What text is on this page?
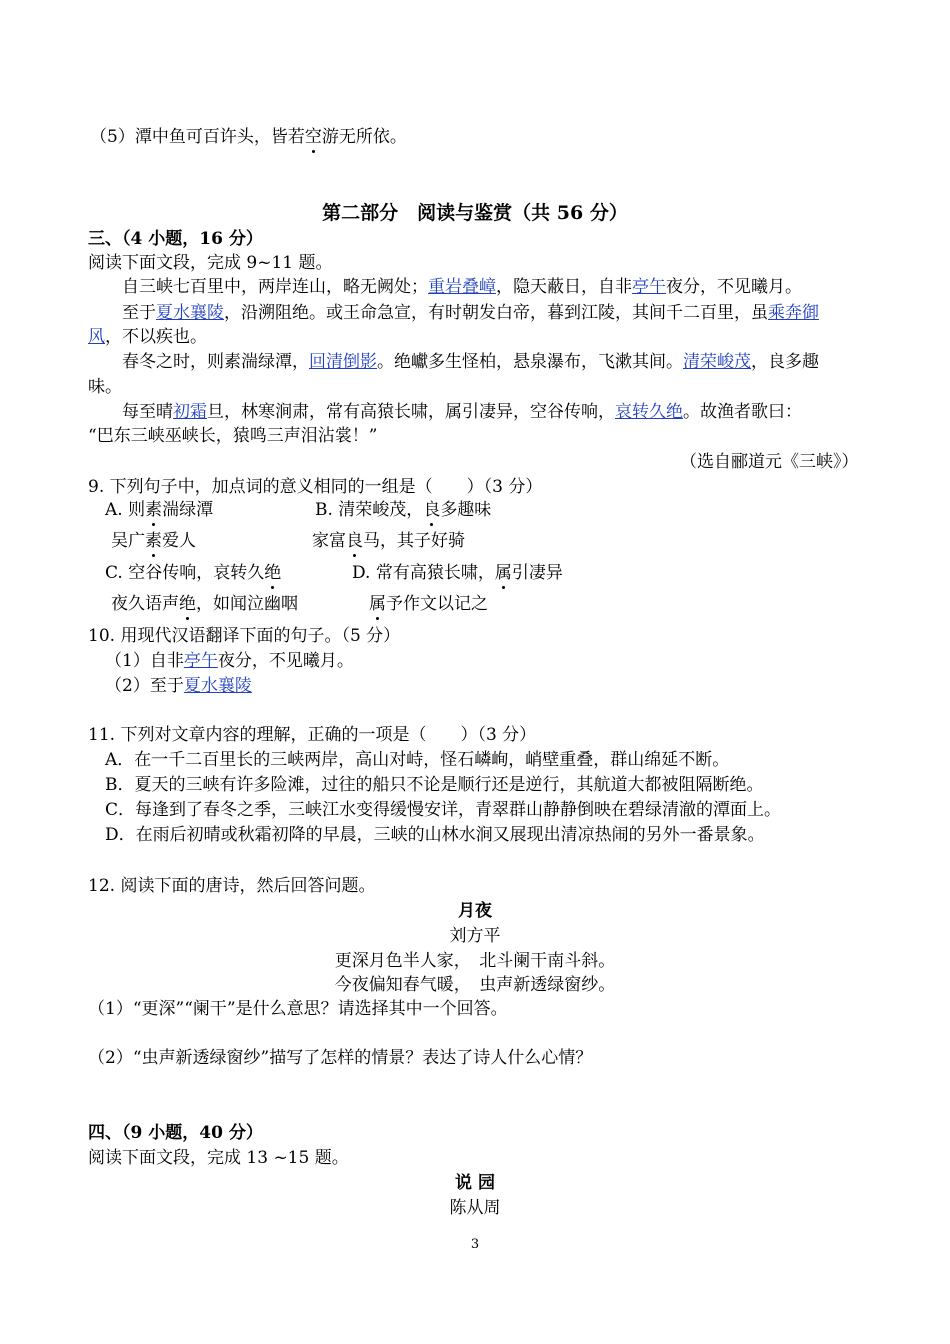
（5）潭中鱼可百许头，皆若空游无所依。
第二部分　阅读与鉴赏（共 56 分）
三、（4 小题，16 分）
阅读下面文段，完成 9~11 题。
自三峡七百里中，两岸连山，略无阙处；重岩叠嶂，隐天蔽日，自非亭午夜分，不见曦月。
至于夏水襄陵，沿溯阻绝。或王命急宣，有时朝发白帝，暮到江陵，其间千二百里，虽乘奔御
风，不以疾也。
春冬之时，则素湍绿潭，回清倒影。绝巘多生怪柏，悬泉瀑布，飞漱其间。清荣峻茂，良多趣
味。
每至晴初霜旦，林寒涧肃，常有高猿长啸，属引凄异，空谷传响，哀转久绝。故渔者歌曰：
“巴东三峡巫峡长，猿鸣三声泪沾裳！”
（选自郦道元《三峡》）
9. 下列句子中，加点词的意义相同的一组是（　　）（3 分）
A. 则素湍绿潭	B. 清荣峻茂，良多趣味
吴广素爱人	家富良马，其子好骑
C. 空谷传响，哀转久绝	D. 常有高猿长啸，属引凄异
夜久语声绝，如闻泣幽咽	属予作文以记之
10. 用现代汉语翻译下面的句子。（5 分）
（1）自非亭午夜分，不见曦月。
（2）至于夏水襄陵
11. 下列对文章内容的理解，正确的一项是（　　）（3 分）
A．在一千二百里长的三峡两岸，高山对峙，怪石嶙峋，峭壁重叠，群山绵延不断。
B．夏天的三峡有许多险滩，过往的船只不论是顺行还是逆行，其航道大都被阻隔断绝。
C．每逢到了春冬之季，三峡江水变得缓慢安详，青翠群山静静倒映在碧绿清澈的潭面上。
D．在雨后初晴或秋霜初降的早晨，三峡的山林水涧又展现出清凉热闹的另外一番景象。
12. 阅读下面的唐诗，然后回答问题。
月夜
刘方平
更深月色半人家，　北斗阑干南斗斜。
今夜偏知春气暖，　虫声新透绿窗纱。
（1）“更深”“阑干”是什么意思？请选择其中一个回答。
（2）“虫声新透绿窗纱”描写了怎样的情景？表达了诗人什么心情？
四、（9 小题，40 分）
阅读下面文段，完成 13 ~15 题。
说 园
陈从周
3
